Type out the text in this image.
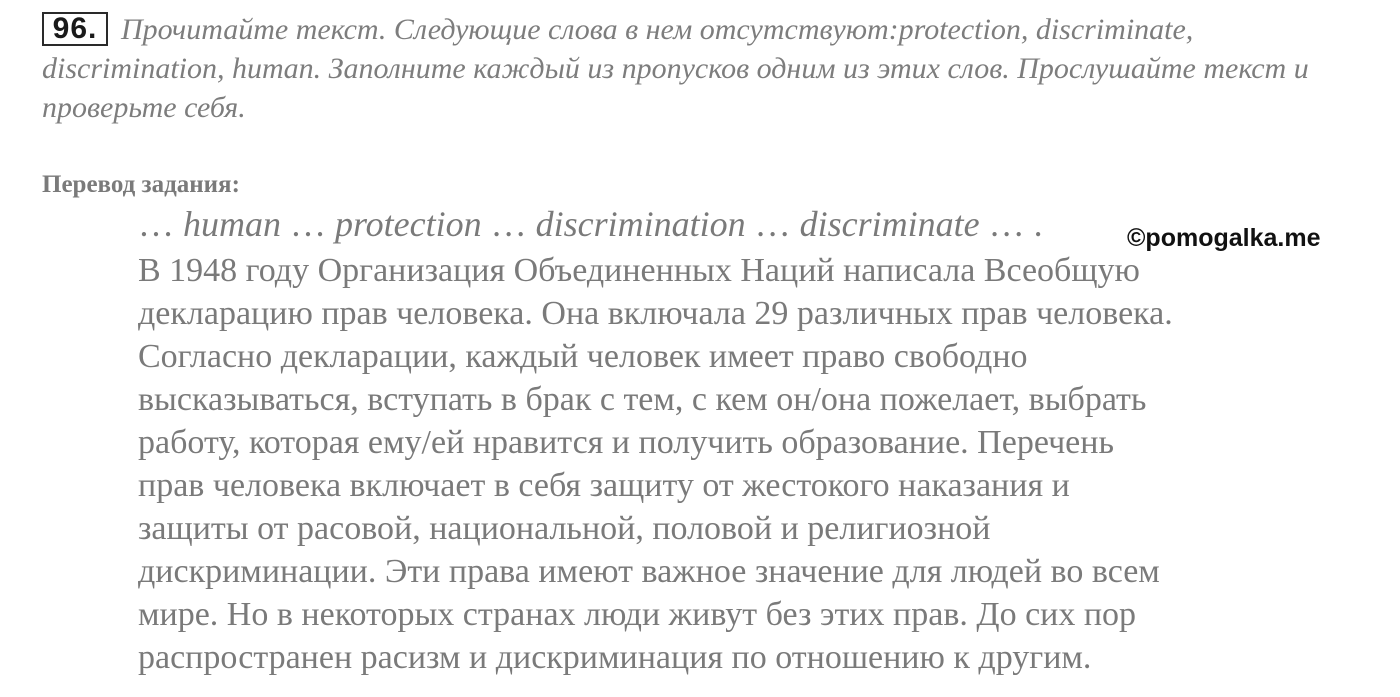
96. Прочитайте текст. Следующие слова в нем отсутствуют:protection, discriminate, discrimination, human. Заполните каждый из пропусков одним из этих слов. Прослушайте текст и проверьте себя.

Перевод задания:

… human … protection … discrimination … discriminate … .	©pomogalka.me
В 1948 году Организация Объединенных Наций написала Всеобщую
декларацию прав человека. Она включала 29 различных прав человека.
Согласно декларации, каждый человек имеет право свободно
высказываться, вступать в брак с тем, с кем он/она пожелает, выбрать
работу, которая ему/ей нравится и получить образование. Перечень
прав человека включает в себя защиту от жестокого наказания и
защиты от расовой, национальной, половой и религиозной
дискриминации. Эти права имеют важное значение для людей во всем
мире. Но в некоторых странах люди живут без этих прав. До сих пор
распространен расизм и дискриминация по отношению к другим.
